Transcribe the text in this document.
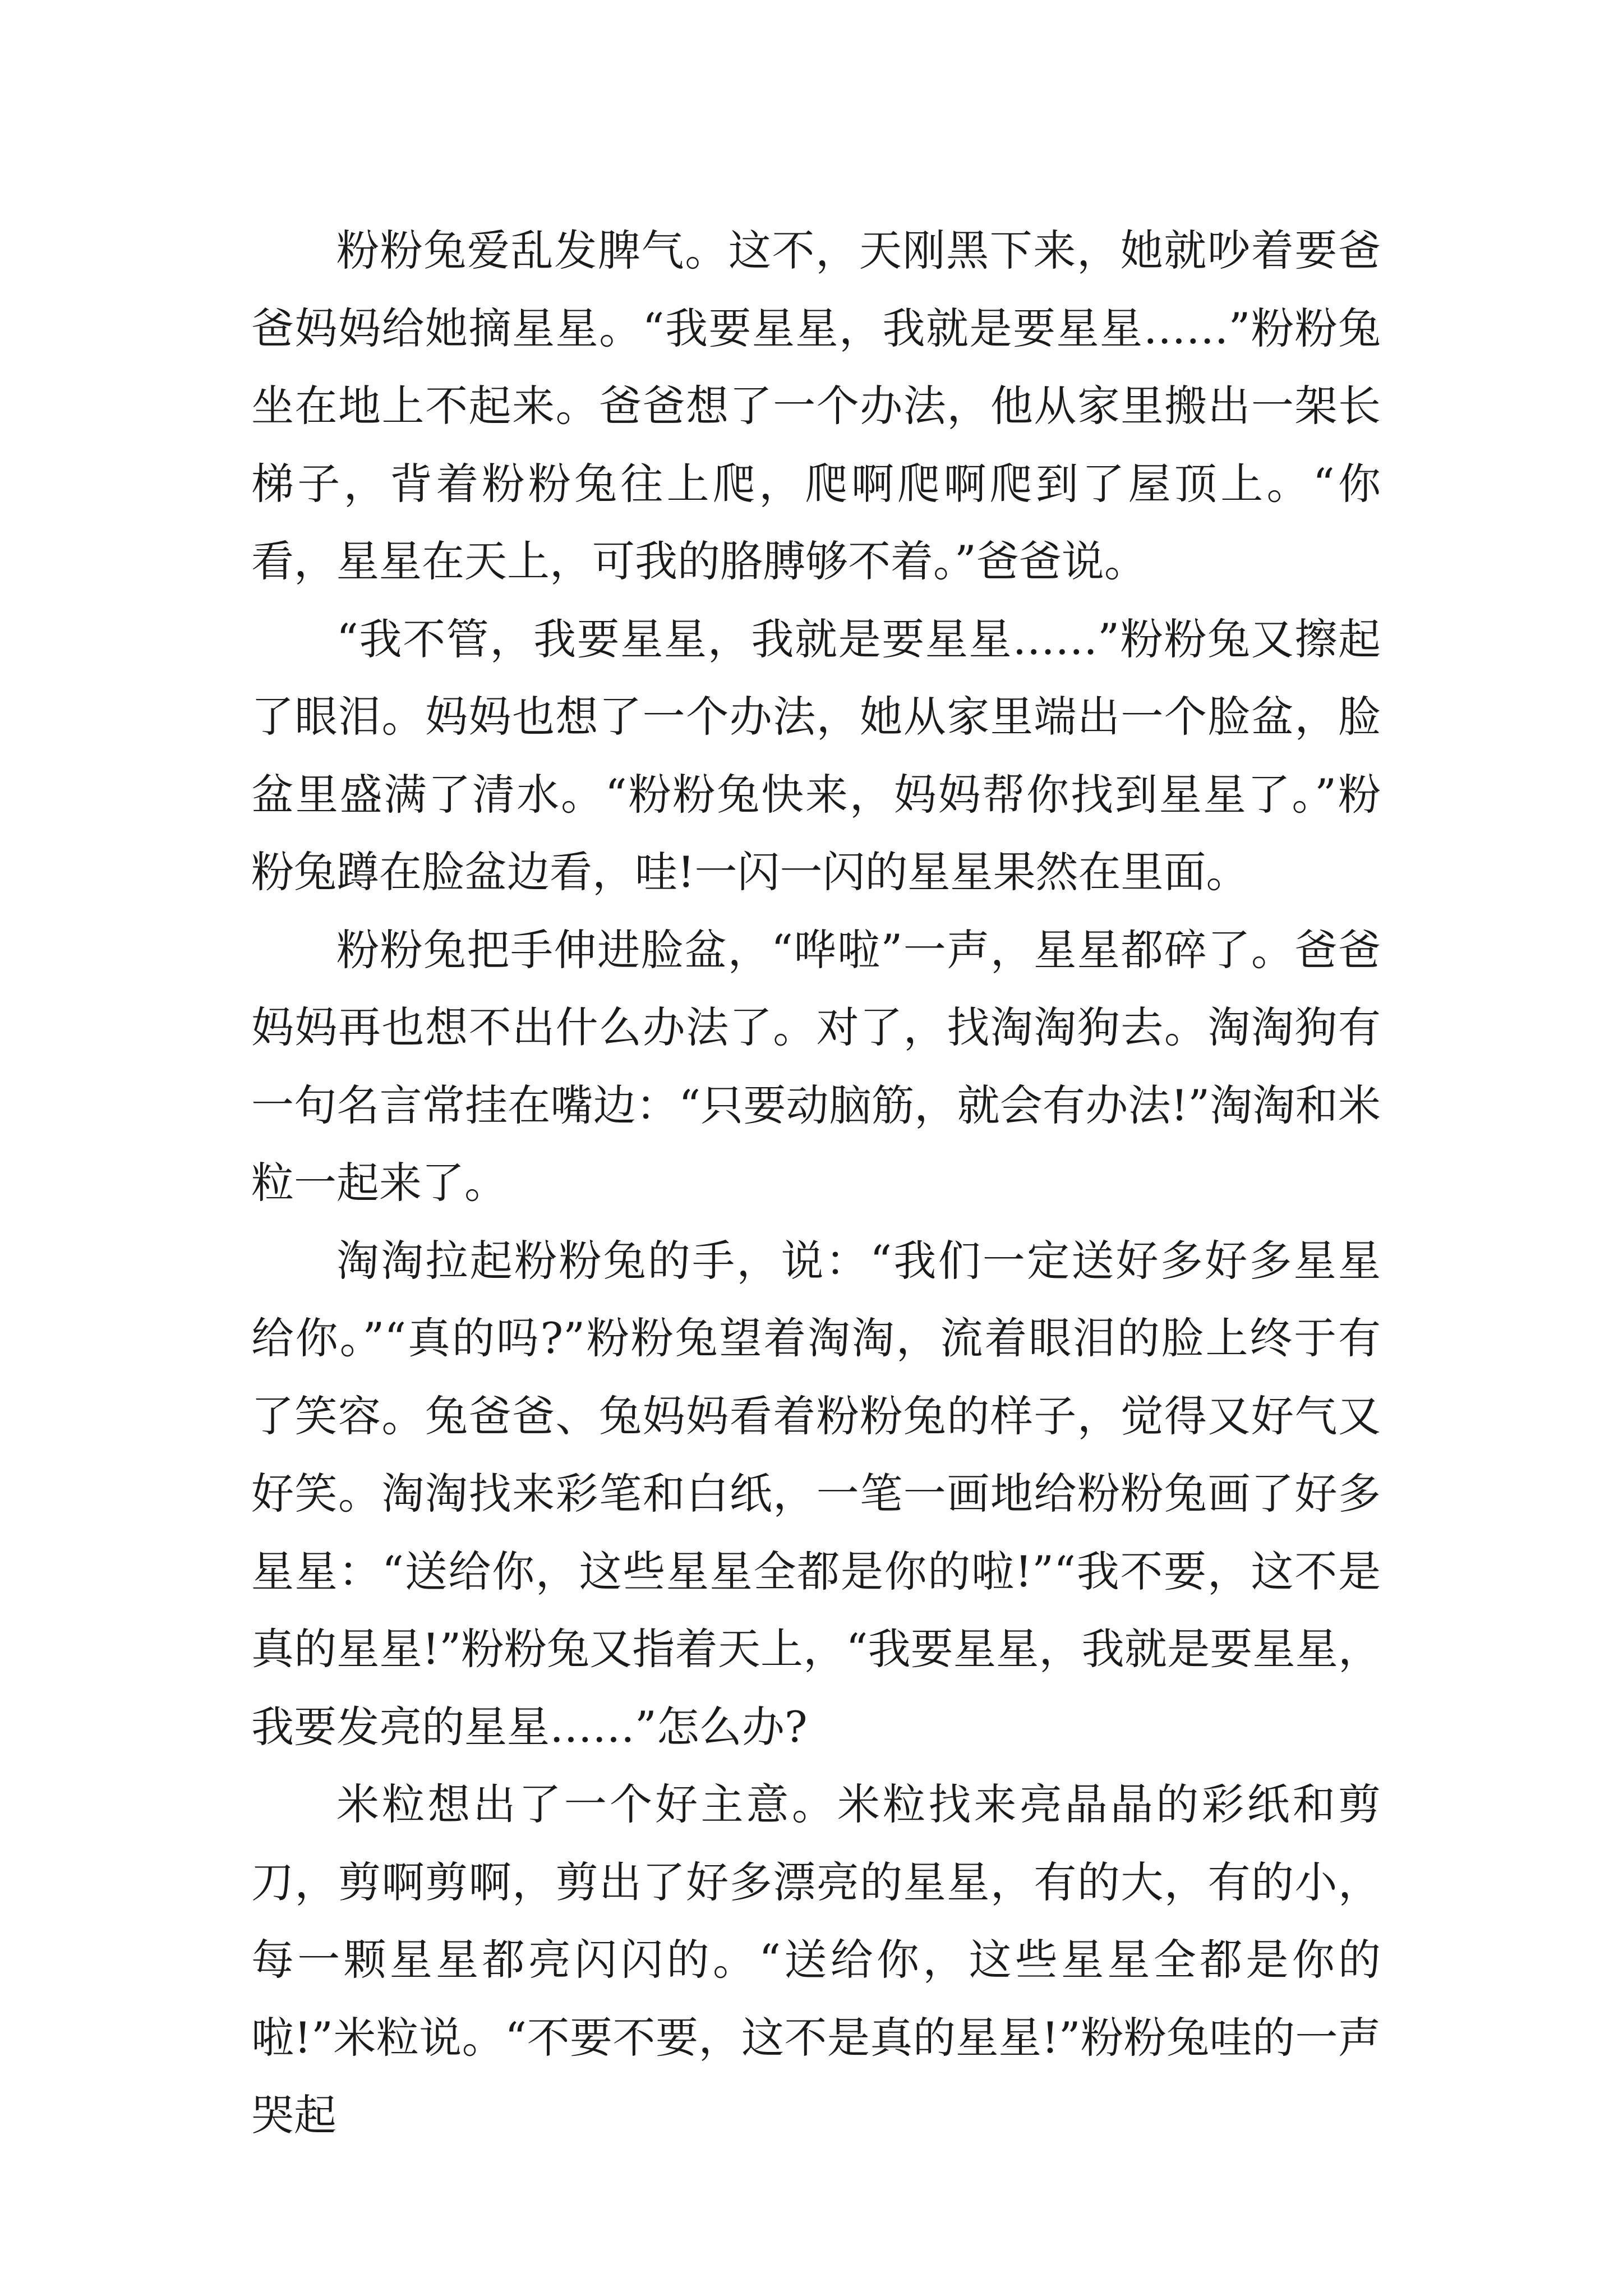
粉粉兔爱乱发脾气。这不，天刚黑下来，她就吵着要爸爸妈妈给她摘星星。“我要星星，我就是要星星……”粉粉兔坐在地上不起来。爸爸想了一个办法，他从家里搬出一架长梯子，背着粉粉兔往上爬，爬啊爬啊爬到了屋顶上。“你看，星星在天上，可我的胳膊够不着。”爸爸说。

“我不管，我要星星，我就是要星星……”粉粉兔又擦起了眼泪。妈妈也想了一个办法，她从家里端出一个脸盆，脸盆里盛满了清水。“粉粉兔快来，妈妈帮你找到星星了。”粉粉兔蹲在脸盆边看，哇!一闪一闪的星星果然在里面。

粉粉兔把手伸进脸盆，“哗啦”一声，星星都碎了。爸爸妈妈再也想不出什么办法了。对了，找淘淘狗去。淘淘狗有一句名言常挂在嘴边：“只要动脑筋，就会有办法!”淘淘和米粒一起来了。

淘淘拉起粉粉兔的手，说：“我们一定送好多好多星星给你。”“真的吗?”粉粉兔望着淘淘，流着眼泪的脸上终于有了笑容。兔爸爸、兔妈妈看着粉粉兔的样子，觉得又好气又好笑。淘淘找来彩笔和白纸，一笔一画地给粉粉兔画了好多星星：“送给你，这些星星全都是你的啦!”“我不要，这不是真的星星!”粉粉兔又指着天上，“我要星星，我就是要星星，我要发亮的星星……”怎么办?

米粒想出了一个好主意。米粒找来亮晶晶的彩纸和剪刀，剪啊剪啊，剪出了好多漂亮的星星，有的大，有的小，每一颗星星都亮闪闪的。“送给你，这些星星全都是你的啦!”米粒说。“不要不要，这不是真的星星!”粉粉兔哇的一声哭起
